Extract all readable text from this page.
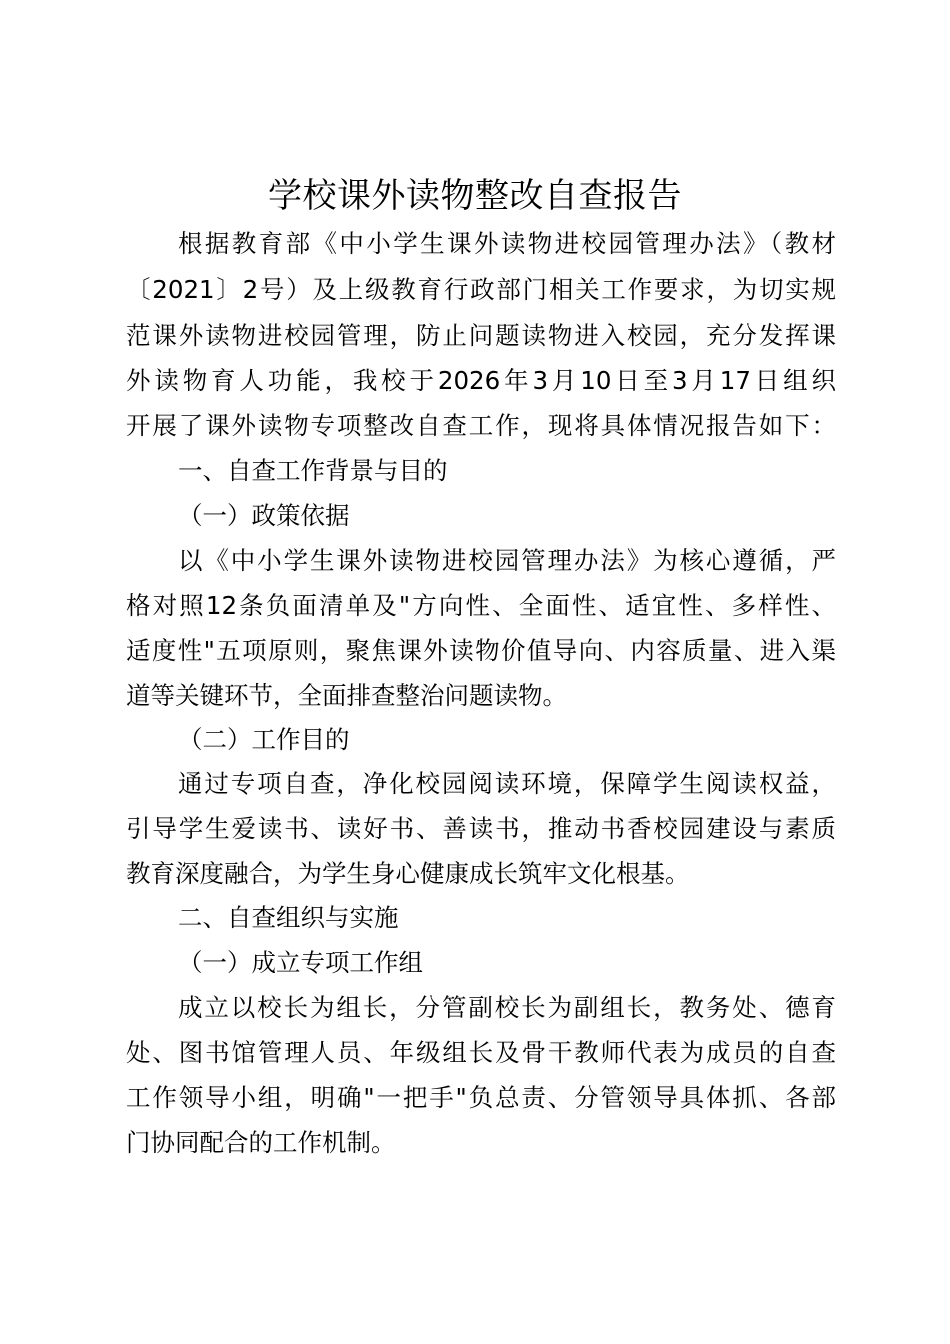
学校课外读物整改自查报告
根据教育部《中小学生课外读物进校园管理办法》（教材
〔2021〕2号）及上级教育行政部门相关工作要求，为切实规
范课外读物进校园管理，防止问题读物进入校园，充分发挥课
外读物育人功能，我校于2026年3月10日至3月17日组织
开展了课外读物专项整改自查工作，现将具体情况报告如下：
一、自查工作背景与目的
（一）政策依据
以《中小学生课外读物进校园管理办法》为核心遵循，严
格对照12条负面清单及"方向性、全面性、适宜性、多样性、
适度性"五项原则，聚焦课外读物价值导向、内容质量、进入渠
道等关键环节，全面排查整治问题读物。
（二）工作目的
通过专项自查，净化校园阅读环境，保障学生阅读权益，
引导学生爱读书、读好书、善读书，推动书香校园建设与素质
教育深度融合，为学生身心健康成长筑牢文化根基。
二、自查组织与实施
（一）成立专项工作组
成立以校长为组长，分管副校长为副组长，教务处、德育
处、图书馆管理人员、年级组长及骨干教师代表为成员的自查
工作领导小组，明确"一把手"负总责、分管领导具体抓、各部
门协同配合的工作机制。
